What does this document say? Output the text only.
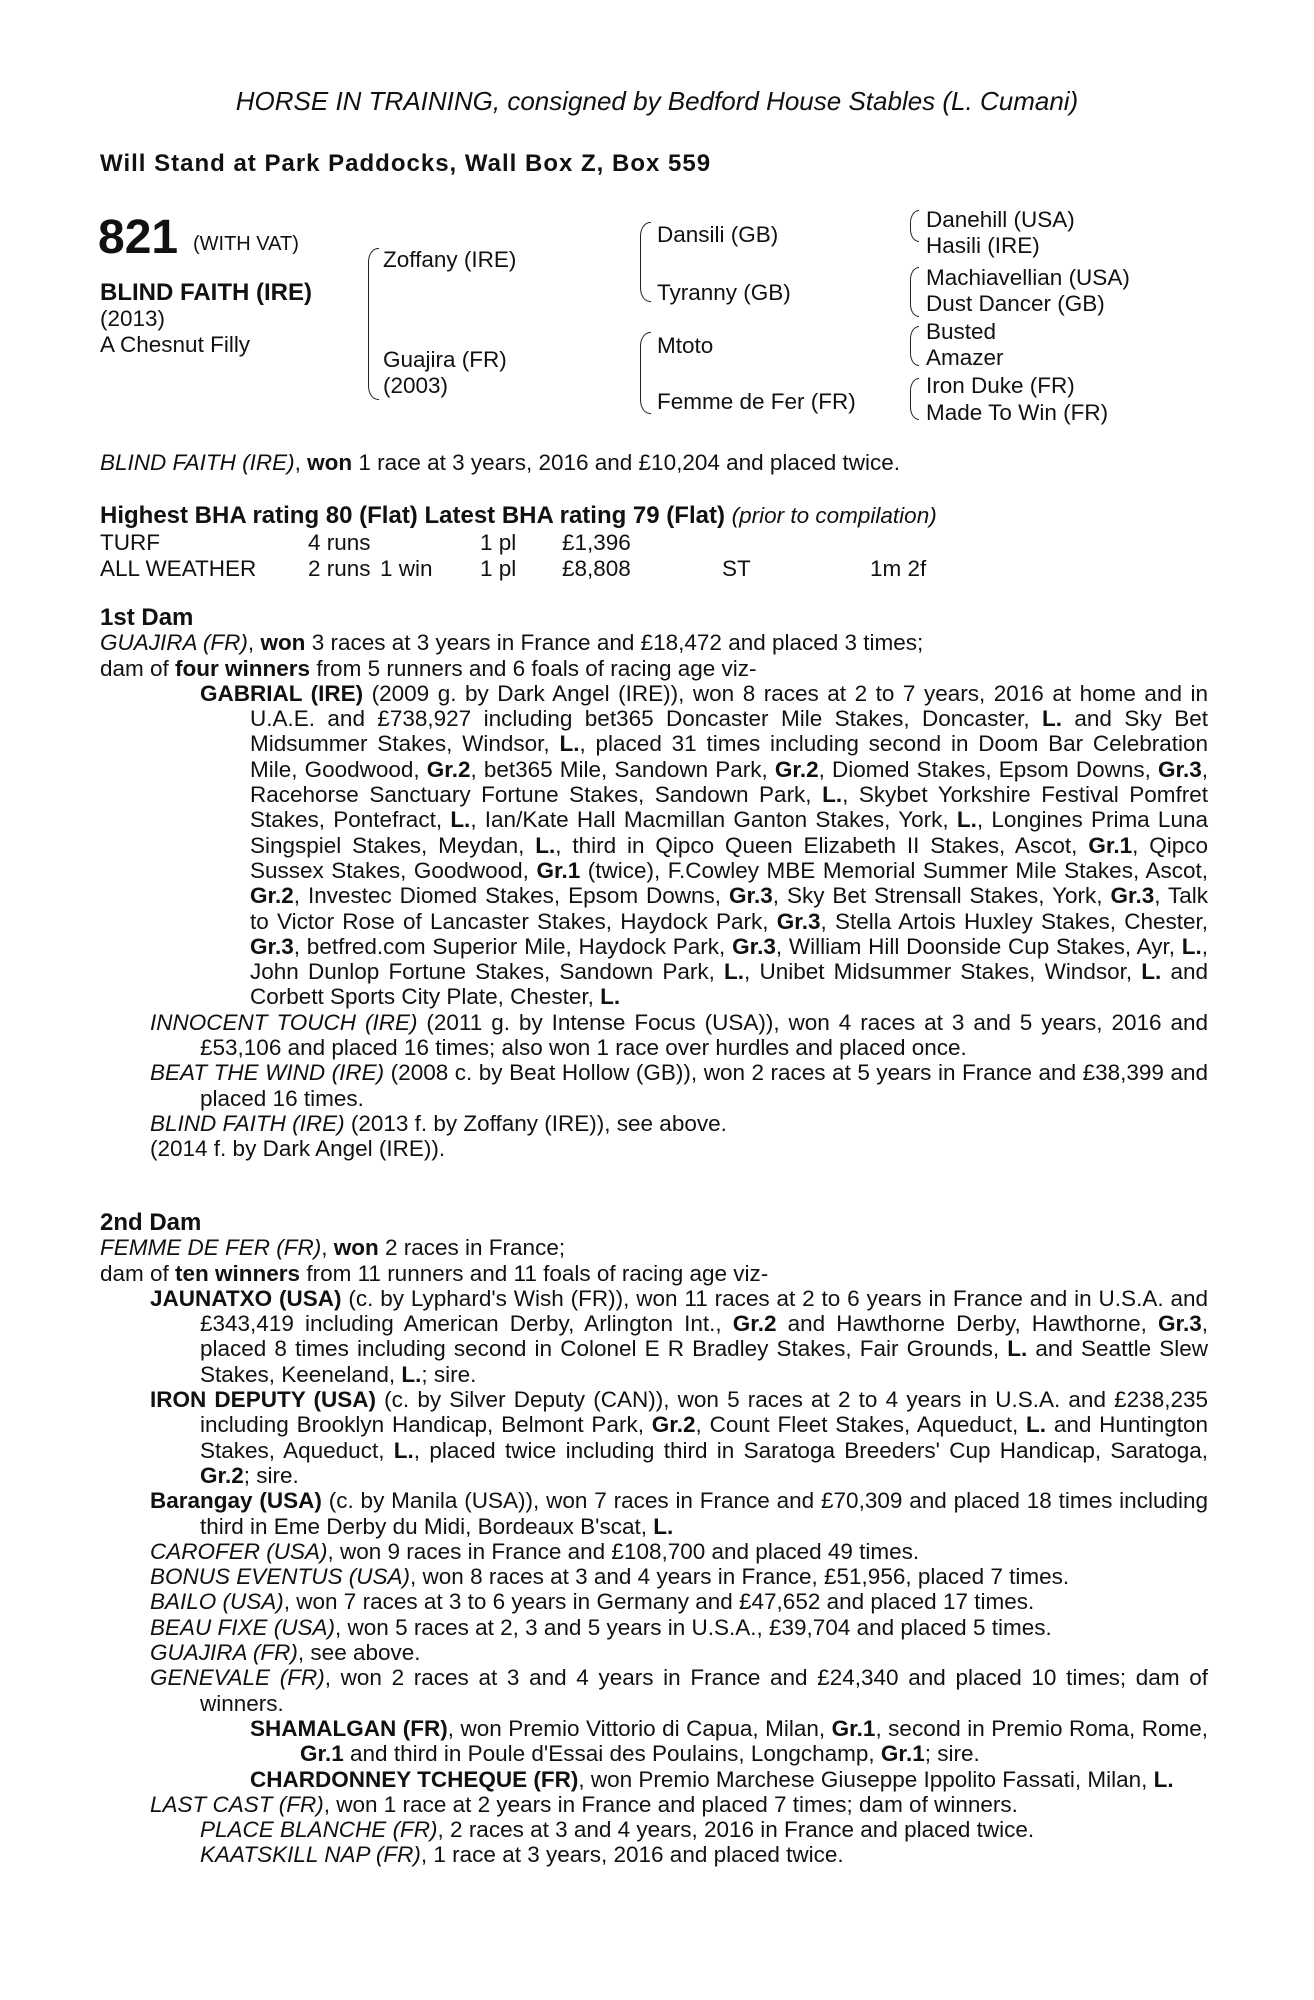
HORSE IN TRAINING, consigned by Bedford House Stables (L. Cumani)
Will Stand at Park Paddocks, Wall Box Z, Box 559
821 (WITH VAT)
BLIND FAITH (IRE)
(2013)
A Chesnut Filly
Zoffany (IRE)
Guajira (FR)
(2003)
Dansili (GB)
Tyranny (GB)
Mtoto
Femme de Fer (FR)
Danehill (USA)
Hasili (IRE)
Machiavellian (USA)
Dust Dancer (GB)
Busted
Amazer
Iron Duke (FR)
Made To Win (FR)
BLIND FAITH (IRE), won 1 race at 3 years, 2016 and £10,204 and placed twice.
Highest BHA rating 80 (Flat) Latest BHA rating 79 (Flat) (prior to compilation)
TURF	4 runs	1 pl £1,396
ALL WEATHER 2 runs 1 win 1 pl £8,808	ST	1m 2f

1st Dam

GUAJIRA (FR), won 3 races at 3 years in France and £18,472 and placed 3 times;

dam of four winners from 5 runners and 6 foals of racing age viz-

GABRIAL (IRE) (2009 g. by Dark Angel (IRE)), won 8 races at 2 to 7 years, 2016 at home and in U.A.E. and £738,927 including bet365 Doncaster Mile Stakes, Doncaster, L. and Sky Bet Midsummer Stakes, Windsor, L., placed 31 times including second in Doom Bar Celebration Mile, Goodwood, Gr.2, bet365 Mile, Sandown Park, Gr.2, Diomed Stakes, Epsom Downs, Gr.3, Racehorse Sanctuary Fortune Stakes, Sandown Park, L., Skybet Yorkshire Festival Pomfret Stakes, Pontefract, L., Ian/Kate Hall Macmillan Ganton Stakes, York, L., Longines Prima Luna Singspiel Stakes, Meydan, L., third in Qipco Queen Elizabeth II Stakes, Ascot, Gr.1, Qipco Sussex Stakes, Goodwood, Gr.1 (twice), F.Cowley MBE Memorial Summer Mile Stakes, Ascot, Gr.2, Investec Diomed Stakes, Epsom Downs, Gr.3, Sky Bet Strensall Stakes, York, Gr.3, Talk to Victor Rose of Lancaster Stakes, Haydock Park, Gr.3, Stella Artois Huxley Stakes, Chester, Gr.3, betfred.com Superior Mile, Haydock Park, Gr.3, William Hill Doonside Cup Stakes, Ayr, L., John Dunlop Fortune Stakes, Sandown Park, L., Unibet Midsummer Stakes, Windsor, L. and Corbett Sports City Plate, Chester, L.

INNOCENT TOUCH (IRE) (2011 g. by Intense Focus (USA)), won 4 races at 3 and 5 years, 2016 and £53,106 and placed 16 times; also won 1 race over hurdles and placed once.

BEAT THE WIND (IRE) (2008 c. by Beat Hollow (GB)), won 2 races at 5 years in France and £38,399 and placed 16 times.

BLIND FAITH (IRE) (2013 f. by Zoffany (IRE)), see above.

(2014 f. by Dark Angel (IRE)).

2nd Dam

FEMME DE FER (FR), won 2 races in France;

dam of ten winners from 11 runners and 11 foals of racing age viz-

JAUNATXO (USA) (c. by Lyphard's Wish (FR)), won 11 races at 2 to 6 years in France and in U.S.A. and £343,419 including American Derby, Arlington Int., Gr.2 and Hawthorne Derby, Hawthorne, Gr.3, placed 8 times including second in Colonel E R Bradley Stakes, Fair Grounds, L. and Seattle Slew Stakes, Keeneland, L.; sire.

IRON DEPUTY (USA) (c. by Silver Deputy (CAN)), won 5 races at 2 to 4 years in U.S.A. and £238,235 including Brooklyn Handicap, Belmont Park, Gr.2, Count Fleet Stakes, Aqueduct, L. and Huntington Stakes, Aqueduct, L., placed twice including third in Saratoga Breeders' Cup Handicap, Saratoga, Gr.2; sire.

Barangay (USA) (c. by Manila (USA)), won 7 races in France and £70,309 and placed 18 times including third in Eme Derby du Midi, Bordeaux B'scat, L.

CAROFER (USA), won 9 races in France and £108,700 and placed 49 times.

BONUS EVENTUS (USA), won 8 races at 3 and 4 years in France, £51,956, placed 7 times.

BAILO (USA), won 7 races at 3 to 6 years in Germany and £47,652 and placed 17 times.

BEAU FIXE (USA), won 5 races at 2, 3 and 5 years in U.S.A., £39,704 and placed 5 times.

GUAJIRA (FR), see above.

GENEVALE (FR), won 2 races at 3 and 4 years in France and £24,340 and placed 10 times; dam of winners.

SHAMALGAN (FR), won Premio Vittorio di Capua, Milan, Gr.1, second in Premio Roma, Rome, Gr.1 and third in Poule d'Essai des Poulains, Longchamp, Gr.1; sire.

CHARDONNEY TCHEQUE (FR), won Premio Marchese Giuseppe Ippolito Fassati, Milan, L.

LAST CAST (FR), won 1 race at 2 years in France and placed 7 times; dam of winners.

PLACE BLANCHE (FR), 2 races at 3 and 4 years, 2016 in France and placed twice.

KAATSKILL NAP (FR), 1 race at 3 years, 2016 and placed twice.
